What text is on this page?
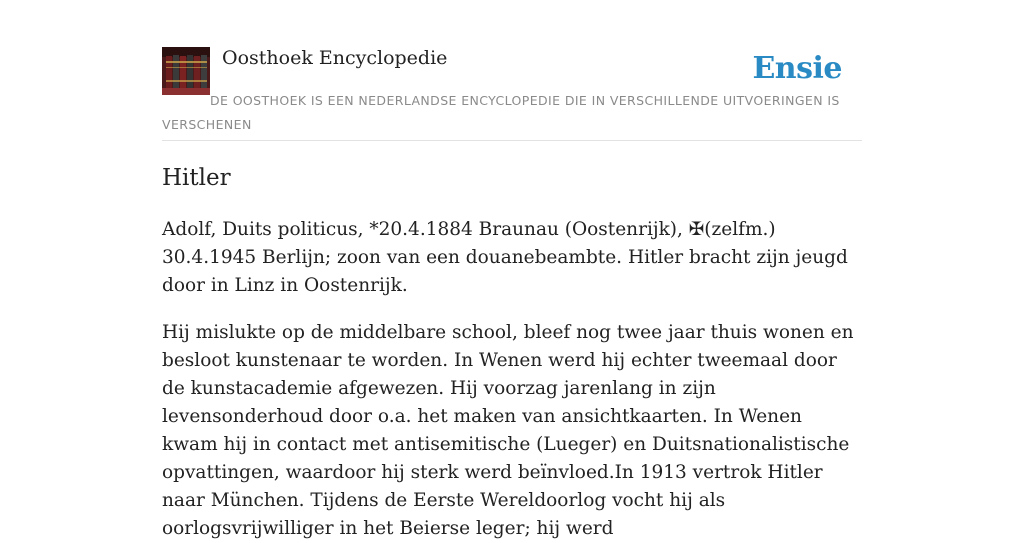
Oosthoek Encyclopedie	Ensie
DE OOSTHOEK IS EEN NEDERLANDSE ENCYCLOPEDIE DIE IN VERSCHILLENDE UITVOERINGEN IS VERSCHENEN
Hitler

Adolf, Duits politicus, *20.4.1884 Braunau (Oostenrijk), ✠(zelfm.) 30.4.1945 Berlijn; zoon van een douanebeambte. Hitler bracht zijn jeugd door in Linz in Oostenrijk.

Hij mislukte op de middelbare school, bleef nog twee jaar thuis wonen en besloot kunstenaar te worden. In Wenen werd hij echter tweemaal door de kunstacademie afgewezen. Hij voorzag jarenlang in zijn levensonderhoud door o.a. het maken van ansichtkaarten. In Wenen kwam hij in contact met antisemitische (Lueger) en Duitsnationalistische opvattingen, waardoor hij sterk werd beïnvloed.In 1913 vertrok Hitler naar München. Tijdens de Eerste Wereldoorlog vocht hij als oorlogsvrijwilliger in het Beierse leger; hij werd
